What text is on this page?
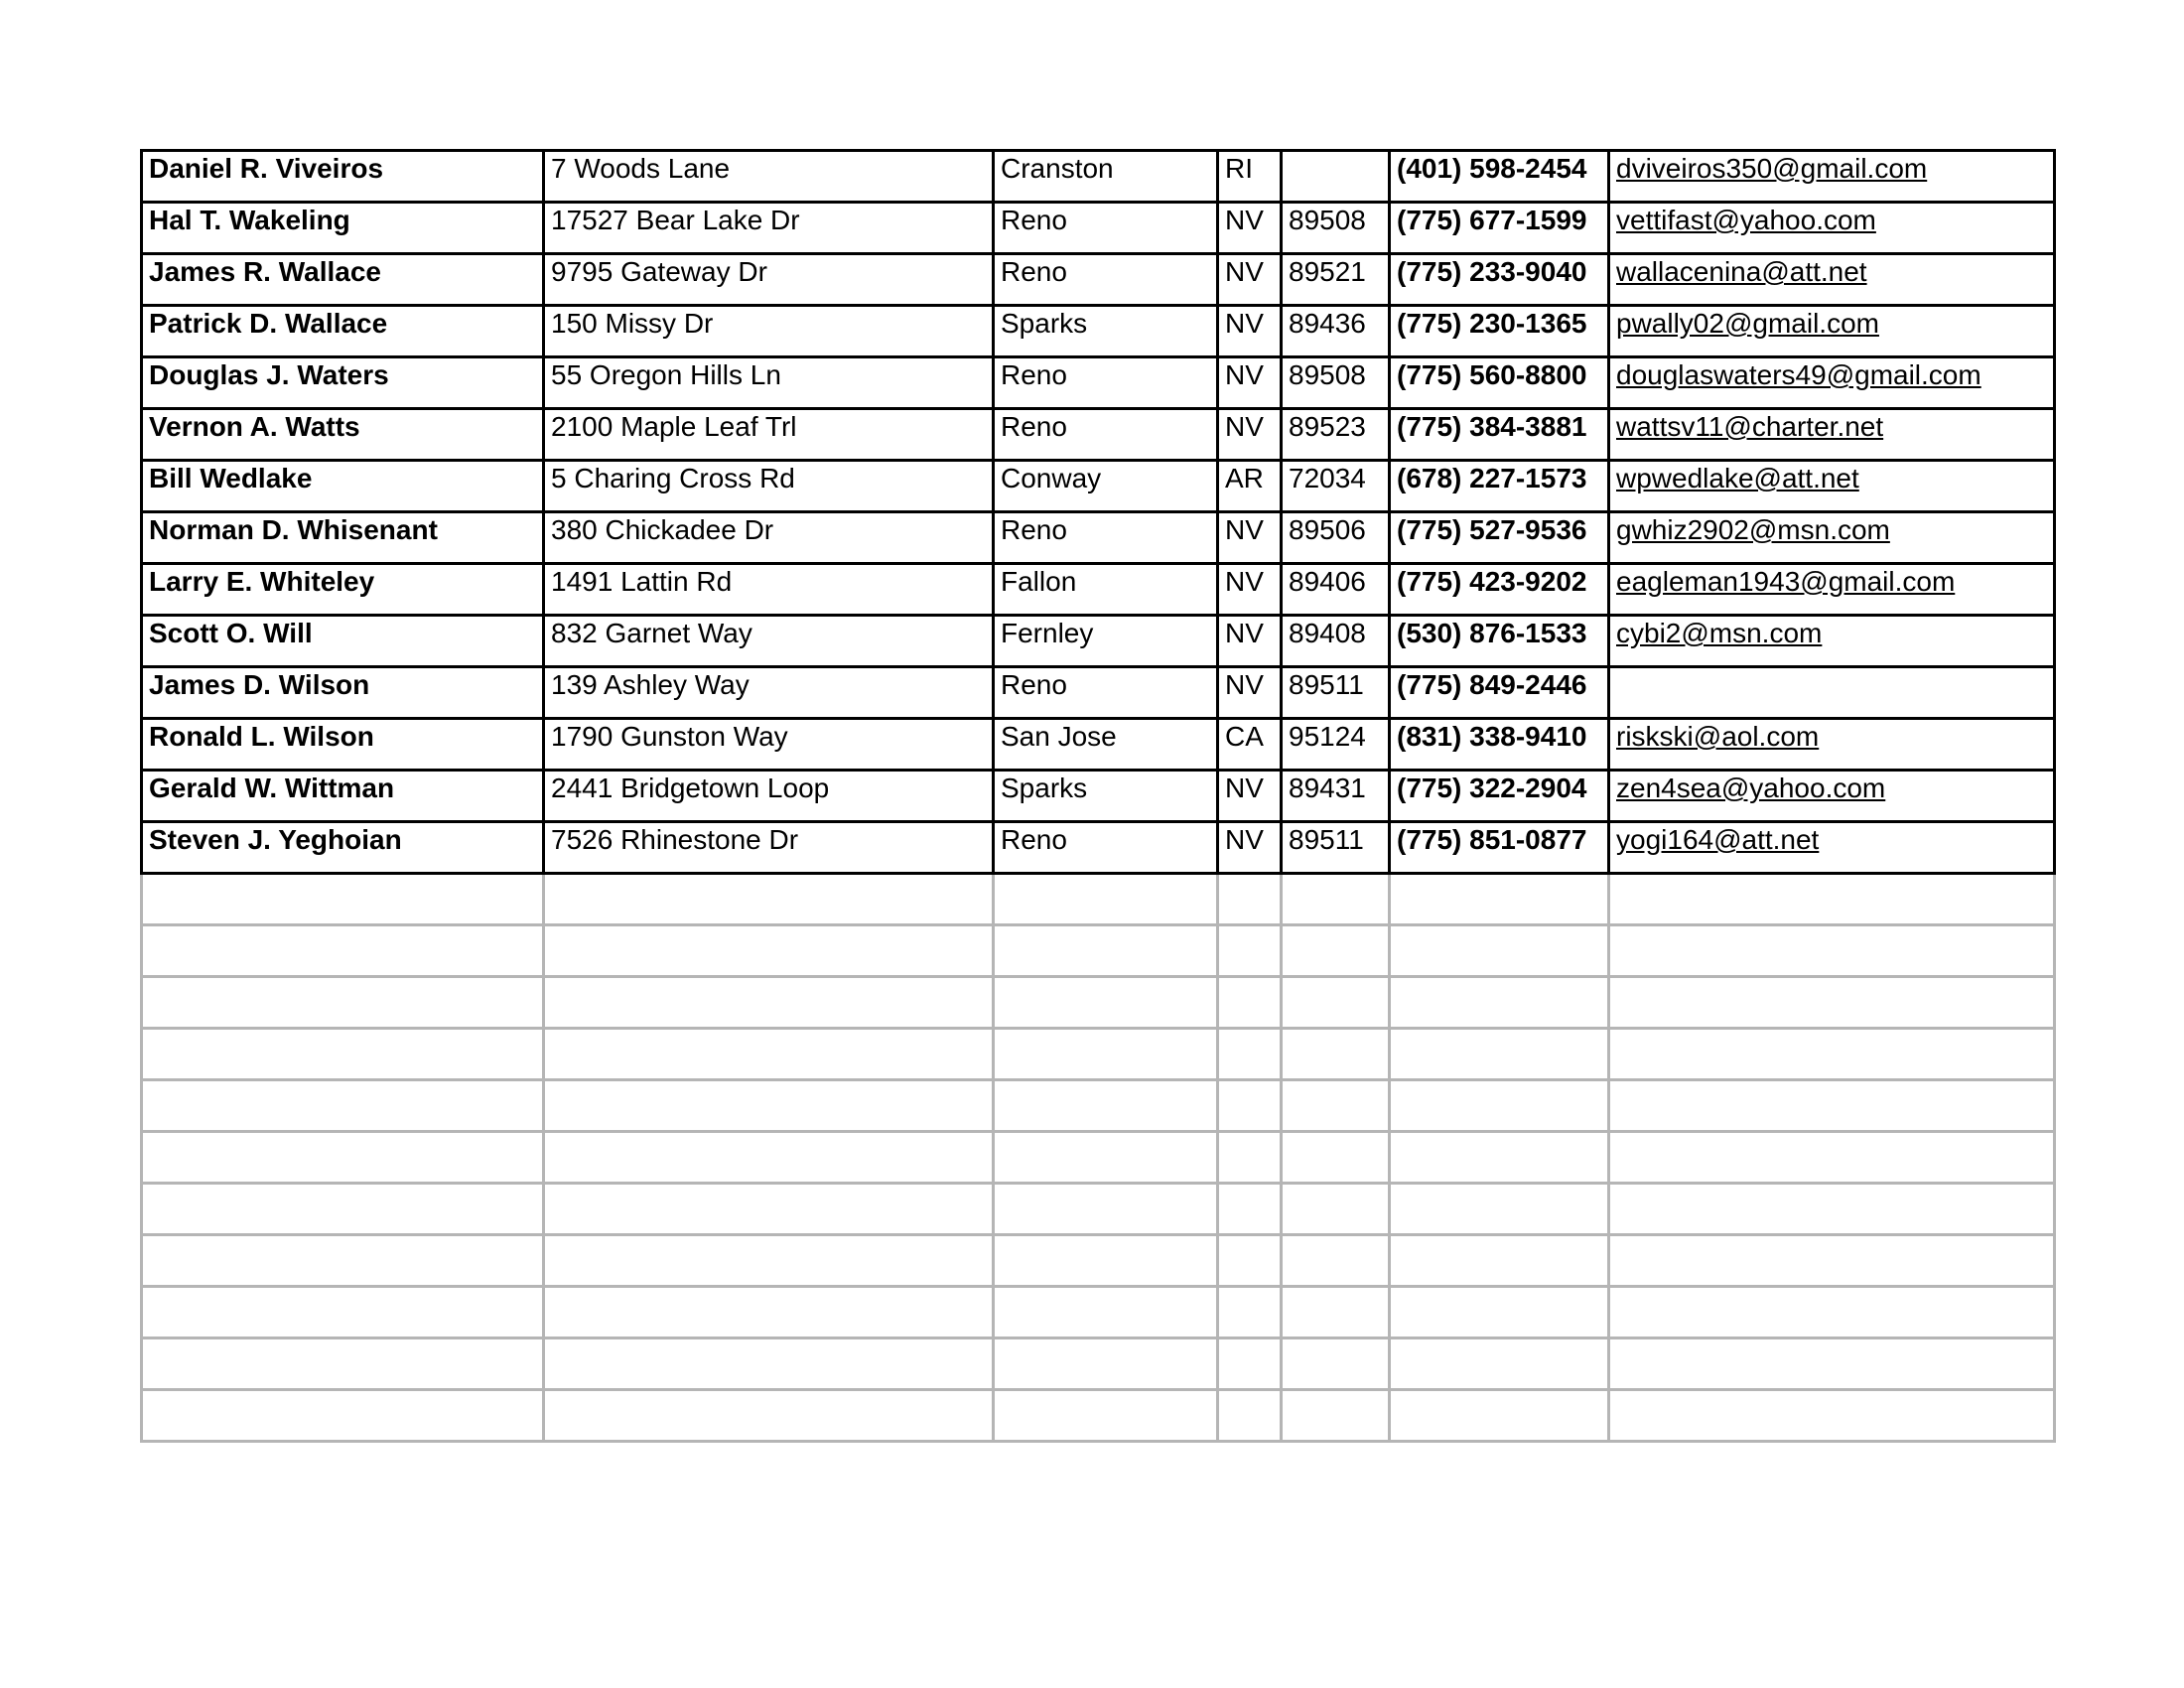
Daniel R. Viveiros	7 Woods Lane	Cranston	RI		(401) 598-2454	dviveiros350@gmail.com

Hal T. Wakeling	17527 Bear Lake Dr	Reno	NV	89508	(775) 677-1599	vettifast@yahoo.com

James R. Wallace	9795 Gateway Dr	Reno	NV	89521	(775) 233-9040	wallacenina@att.net

Patrick D. Wallace	150 Missy Dr	Sparks	NV	89436	(775) 230-1365	pwally02@gmail.com

Douglas J. Waters	55 Oregon Hills Ln	Reno	NV	89508	(775) 560-8800	douglaswaters49@gmail.com

Vernon A. Watts	2100 Maple Leaf Trl	Reno	NV	89523	(775) 384-3881	wattsv11@charter.net

Bill Wedlake	5 Charing Cross Rd	Conway	AR	72034	(678) 227-1573	wpwedlake@att.net

Norman D. Whisenant	380 Chickadee Dr	Reno	NV	89506	(775) 527-9536	gwhiz2902@msn.com

Larry E. Whiteley	1491 Lattin Rd	Fallon	NV	89406	(775) 423-9202	eagleman1943@gmail.com

Scott O. Will	832 Garnet Way	Fernley	NV	89408	(530) 876-1533	cybi2@msn.com

James D. Wilson	139 Ashley Way	Reno	NV	89511	(775) 849-2446	

Ronald L. Wilson	1790 Gunston Way	San Jose	CA	95124	(831) 338-9410	riskski@aol.com

Gerald W. Wittman	2441 Bridgetown Loop	Sparks	NV	89431	(775) 322-2904	zen4sea@yahoo.com

Steven J. Yeghoian	7526 Rhinestone Dr	Reno	NV	89511	(775) 851-0877	yogi164@att.net
